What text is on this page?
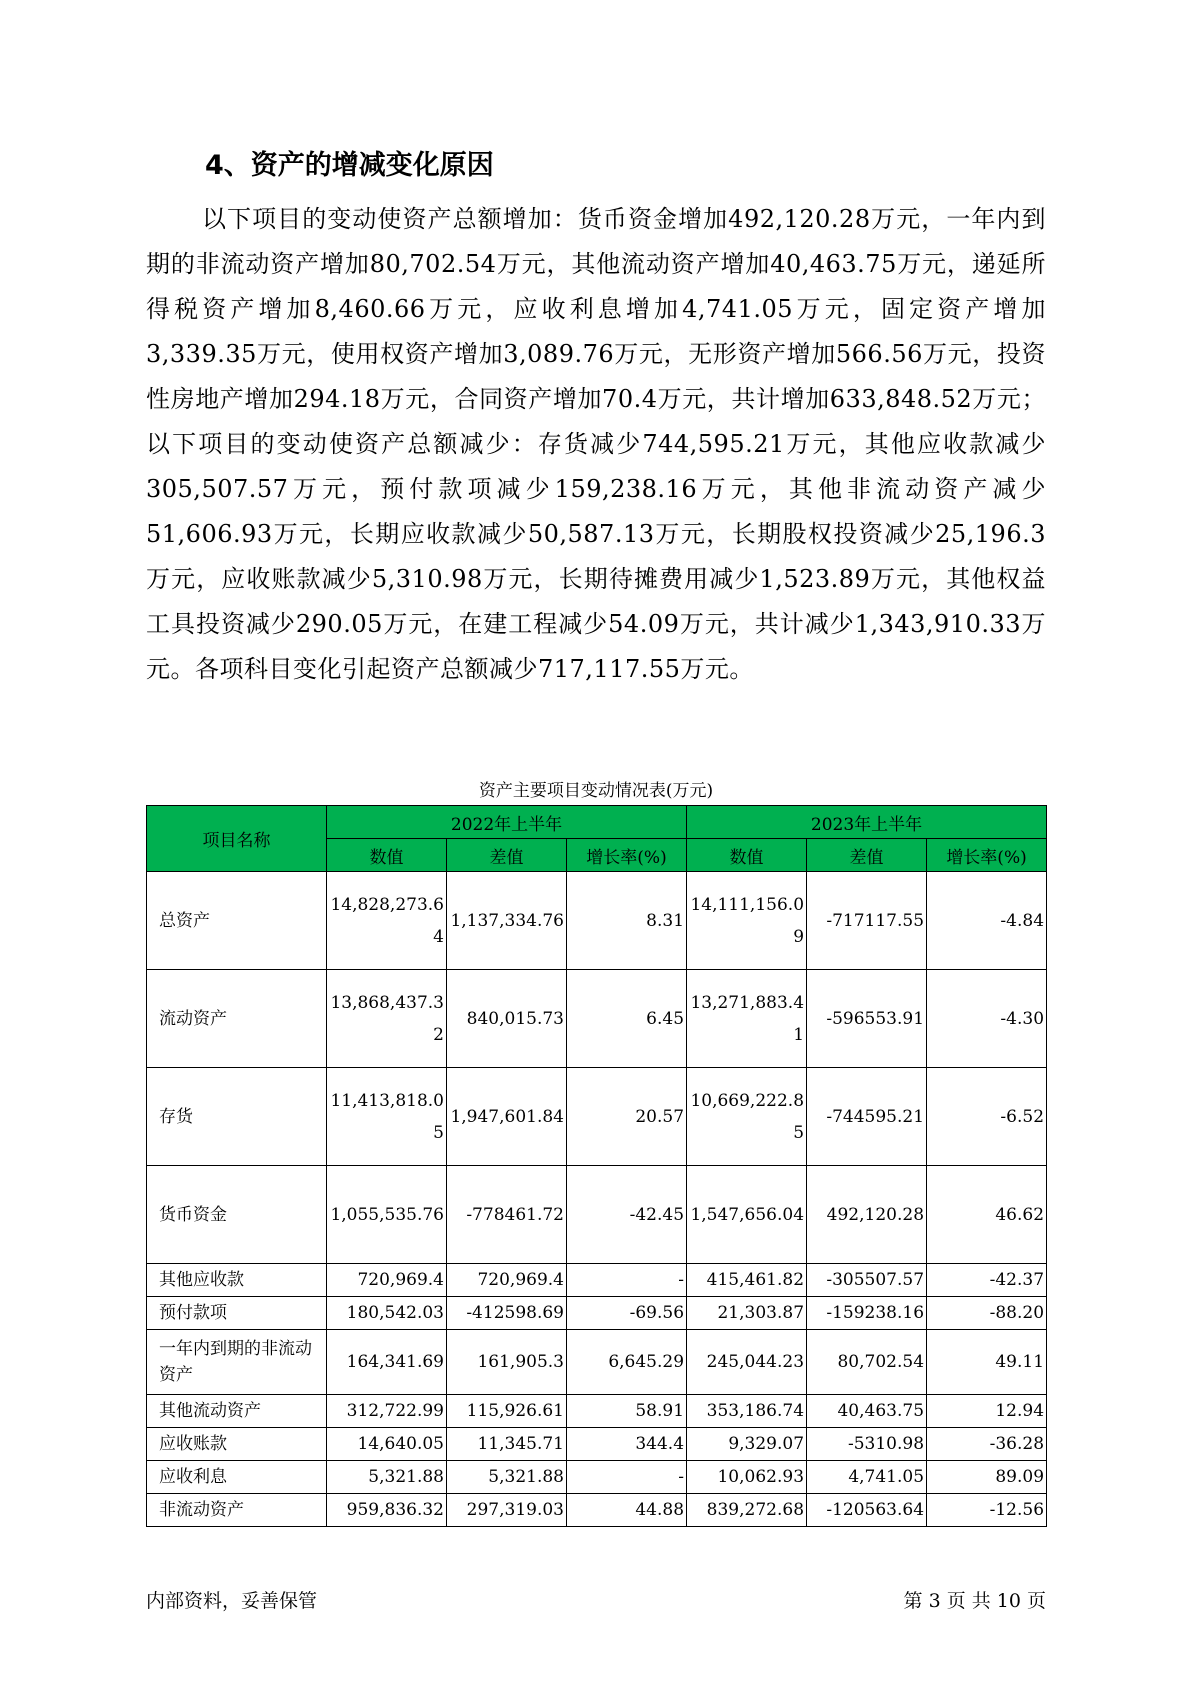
4、资产的增减变化原因

以下项目的变动使资产总额增加：货币资金增加492,120.28万元，一年内到期的非流动资产增加80,702.54万元，其他流动资产增加40,463.75万元，递延所得税资产增加8,460.66万元，应收利息增加4,741.05万元，固定资产增加3,339.35万元，使用权资产增加3,089.76万元，无形资产增加566.56万元，投资性房地产增加294.18万元，合同资产增加70.4万元，共计增加633,848.52万元；以下项目的变动使资产总额减少：存货减少744,595.21万元，其他应收款减少305,507.57万元，预付款项减少159,238.16万元，其他非流动资产减少51,606.93万元，长期应收款减少50,587.13万元，长期股权投资减少25,196.3万元，应收账款减少5,310.98万元，长期待摊费用减少1,523.89万元，其他权益工具投资减少290.05万元，在建工程减少54.09万元，共计减少1,343,910.33万元。各项科目变化引起资产总额减少717,117.55万元。

资产主要项目变动情况表(万元)
项目名称	2022年上半年			2023年上半年		
	数值	差值	增长率(%)	数值	差值	增长率(%)
总资产	14,828,273.64	1,137,334.76	8.31	14,111,156.09	-717117.55	-4.84
流动资产	13,868,437.32	840,015.73	6.45	13,271,883.41	-596553.91	-4.30
存货	11,413,818.05	1,947,601.84	20.57	10,669,222.85	-744595.21	-6.52
货币资金	1,055,535.76	-778461.72	-42.45	1,547,656.04	492,120.28	46.62
其他应收款	720,969.4	720,969.4	-	415,461.82	-305507.57	-42.37
预付款项	180,542.03	-412598.69	-69.56	21,303.87	-159238.16	-88.20
一年内到期的非流动资产	164,341.69	161,905.3	6,645.29	245,044.23	80,702.54	49.11
其他流动资产	312,722.99	115,926.61	58.91	353,186.74	40,463.75	12.94
应收账款	14,640.05	11,345.71	344.4	9,329.07	-5310.98	-36.28
应收利息	5,321.88	5,321.88	-	10,062.93	4,741.05	89.09
非流动资产	959,836.32	297,319.03	44.88	839,272.68	-120563.64	-12.56
内部资料，妥善保管	第 3 页 共 10 页
